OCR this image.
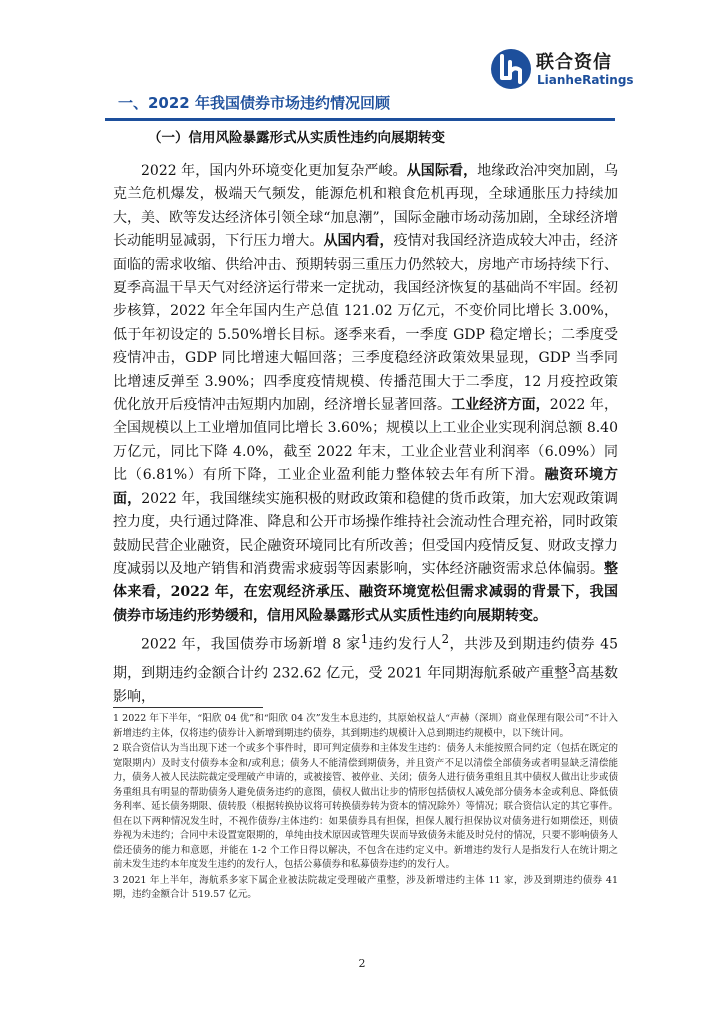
联合资信
LianheRatings
一、2022 年我国债券市场违约情况回顾
（一）信用风险暴露形式从实质性违约向展期转变

2022 年，国内外环境变化更加复杂严峻。从国际看，地缘政治冲突加剧，乌克兰危机爆发，极端天气频发，能源危机和粮食危机再现，全球通胀压力持续加大，美、欧等发达经济体引领全球“加息潮”，国际金融市场动荡加剧，全球经济增长动能明显减弱，下行压力增大。从国内看，疫情对我国经济造成较大冲击，经济面临的需求收缩、供给冲击、预期转弱三重压力仍然较大，房地产市场持续下行、夏季高温干旱天气对经济运行带来一定扰动，我国经济恢复的基础尚不牢固。经初步核算，2022 年全年国内生产总值 121.02 万亿元，不变价同比增长 3.00%，低于年初设定的 5.50%增长目标。逐季来看，一季度 GDP 稳定增长；二季度受疫情冲击，GDP 同比增速大幅回落；三季度稳经济政策效果显现，GDP 当季同比增速反弹至 3.90%；四季度疫情规模、传播范围大于二季度，12 月疫控政策优化放开后疫情冲击短期内加剧，经济增长显著回落。工业经济方面，2022 年，全国规模以上工业增加值同比增长 3.60%；规模以上工业企业实现利润总额 8.40 万亿元，同比下降 4.0%，截至 2022 年末，工业企业营业利润率（6.09%）同比（6.81%）有所下降，工业企业盈利能力整体较去年有所下滑。融资环境方面，2022 年，我国继续实施积极的财政政策和稳健的货币政策，加大宏观政策调控力度，央行通过降准、降息和公开市场操作维持社会流动性合理充裕，同时政策鼓励民营企业融资，民企融资环境同比有所改善；但受国内疫情反复、财政支撑力度减弱以及地产销售和消费需求疲弱等因素影响，实体经济融资需求总体偏弱。整体来看，2022 年，在宏观经济承压、融资环境宽松但需求减弱的背景下，我国债券市场违约形势缓和，信用风险暴露形式从实质性违约向展期转变。

2022 年，我国债券市场新增 8 家$^1$违约发行人$^2$，共涉及到期违约债券 45 期，到期违约金额合计约 232.62 亿元，受 2021 年同期海航系破产重整$^3$高基数影响，

1 2022 年下半年，“阳欣 04 优”和“阳欣 04 次”发生本息违约，其原始权益人“声赫（深圳）商业保理有限公司”不计入新增违约主体，仅将违约债券计入新增到期违约债券，其到期违约规模计入总到期违约规模中，以下统计同。

2 联合资信认为当出现下述一个或多个事件时，即可判定债券和主体发生违约：债务人未能按照合同约定（包括在既定的宽限期内）及时支付债券本金和/或利息；债务人不能清偿到期债务，并且资产不足以清偿全部债务或者明显缺乏清偿能力，债务人被人民法院裁定受理破产申请的，或被接管、被停业、关闭；债务人进行债务重组且其中债权人做出让步或债务重组具有明显的帮助债务人避免债务违约的意图，债权人做出让步的情形包括债权人减免部分债务本金或利息、降低债务利率、延长债务期限、债转股（根据转换协议将可转换债券转为资本的情况除外）等情况；联合资信认定的其它事件。但在以下两种情况发生时，不视作债券/主体违约：如果债券具有担保，担保人履行担保协议对债务进行如期偿还，则债券视为未违约；合同中未设置宽限期的，单纯由技术原因或管理失误而导致债务未能及时兑付的情况，只要不影响债务人偿还债务的能力和意愿，并能在 1-2 个工作日得以解决，不包含在违约定义中。新增违约发行人是指发行人在统计期之前未发生违约本年度发生违约的发行人，包括公募债券和私募债券违约的发行人。

3 2021 年上半年，海航系多家下属企业被法院裁定受理破产重整，涉及新增违约主体 11 家，涉及到期违约债券 41 期，违约金额合计 519.57 亿元。

2
